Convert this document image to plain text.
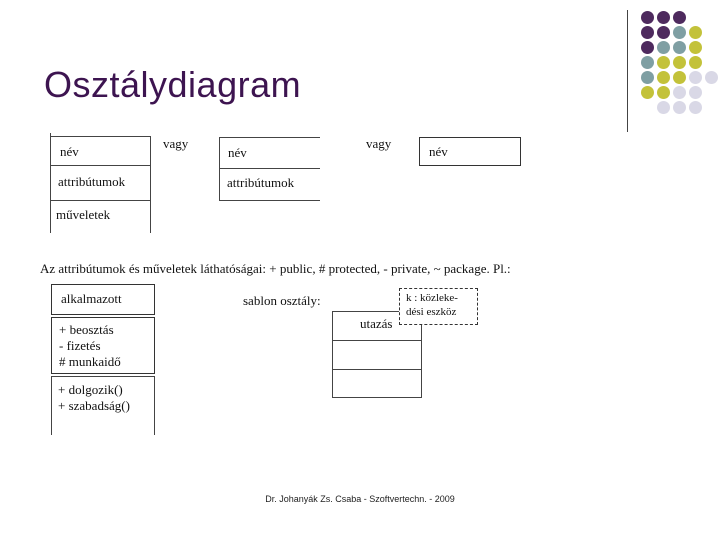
Osztálydiagram
név
attribútumok
műveletek
vagy
név
attribútumok
vagy
név
Az attribútumok és műveletek láthatóságai: + public, # protected, - private, ~ package. Pl.:
alkalmazott
+ beosztás
- fizetés
# munkaidő
+ dolgozik()
+ szabadság()
sablon osztály:
utazás
k : közleke-
dési eszköz
Dr. Johanyák Zs. Csaba - Szoftvertechn. - 2009
